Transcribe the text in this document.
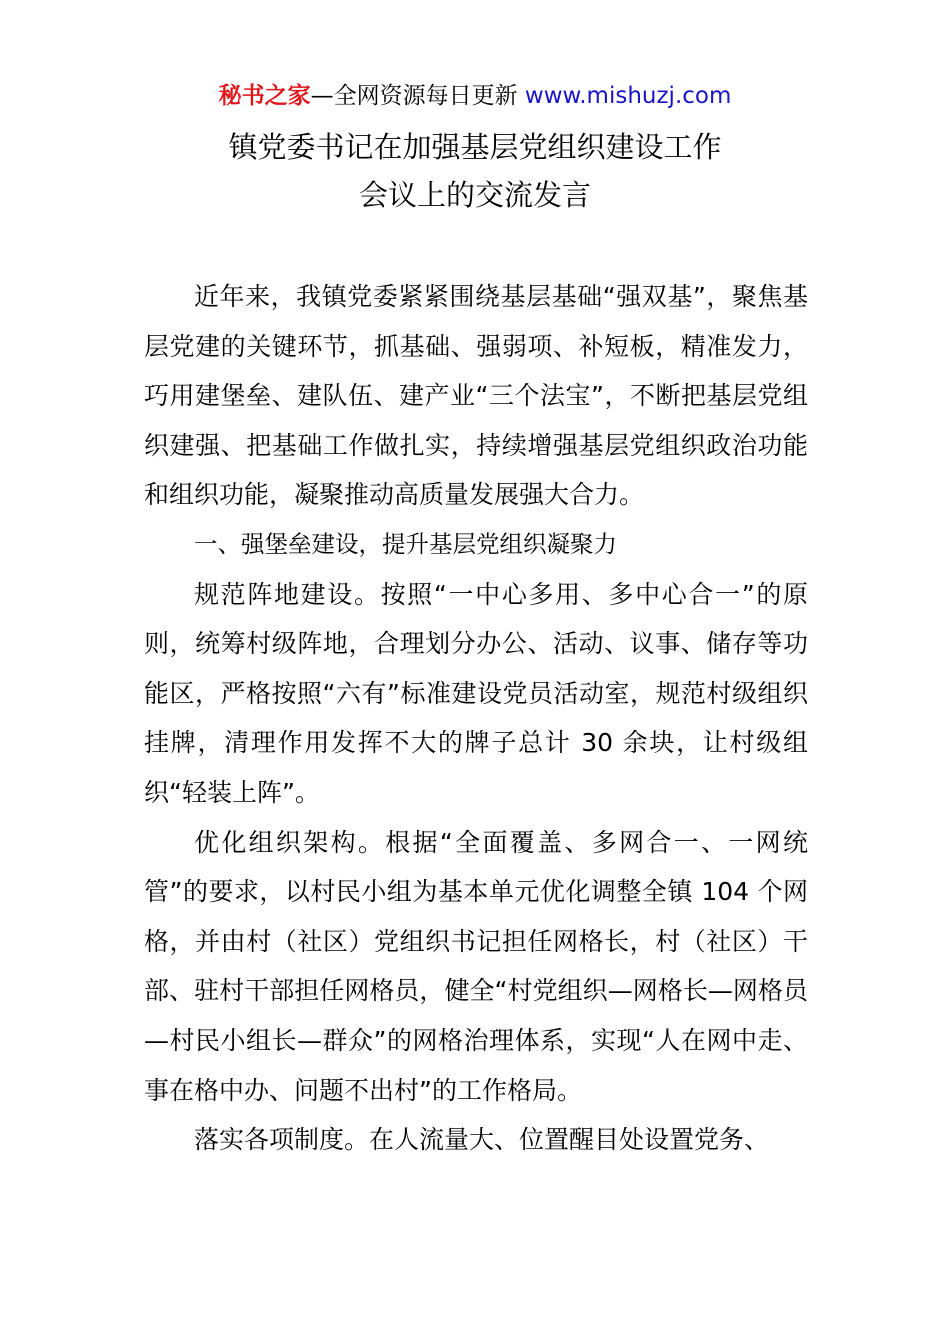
秘书之家—全网资源每日更新 www.mishuzj.com
镇党委书记在加强基层党组织建设工作
会议上的交流发言

近年来，我镇党委紧紧围绕基层基础“强双基”，聚焦基层党建的关键环节，抓基础、强弱项、补短板，精准发力，巧用建堡垒、建队伍、建产业“三个法宝”，不断把基层党组织建强、把基础工作做扎实，持续增强基层党组织政治功能和组织功能，凝聚推动高质量发展强大合力。

一、强堡垒建设，提升基层党组织凝聚力

规范阵地建设。按照“一中心多用、多中心合一”的原则，统筹村级阵地，合理划分办公、活动、议事、储存等功能区，严格按照“六有”标准建设党员活动室，规范村级组织挂牌，清理作用发挥不大的牌子总计 30 余块，让村级组织“轻装上阵”。

优化组织架构。根据“全面覆盖、多网合一、一网统管”的要求，以村民小组为基本单元优化调整全镇 104 个网格，并由村（社区）党组织书记担任网格长，村（社区）干部、驻村干部担任网格员，健全“村党组织—网格长—网格员—村民小组长—群众”的网格治理体系，实现“人在网中走、事在格中办、问题不出村”的工作格局。

落实各项制度。在人流量大、位置醒目处设置党务、
